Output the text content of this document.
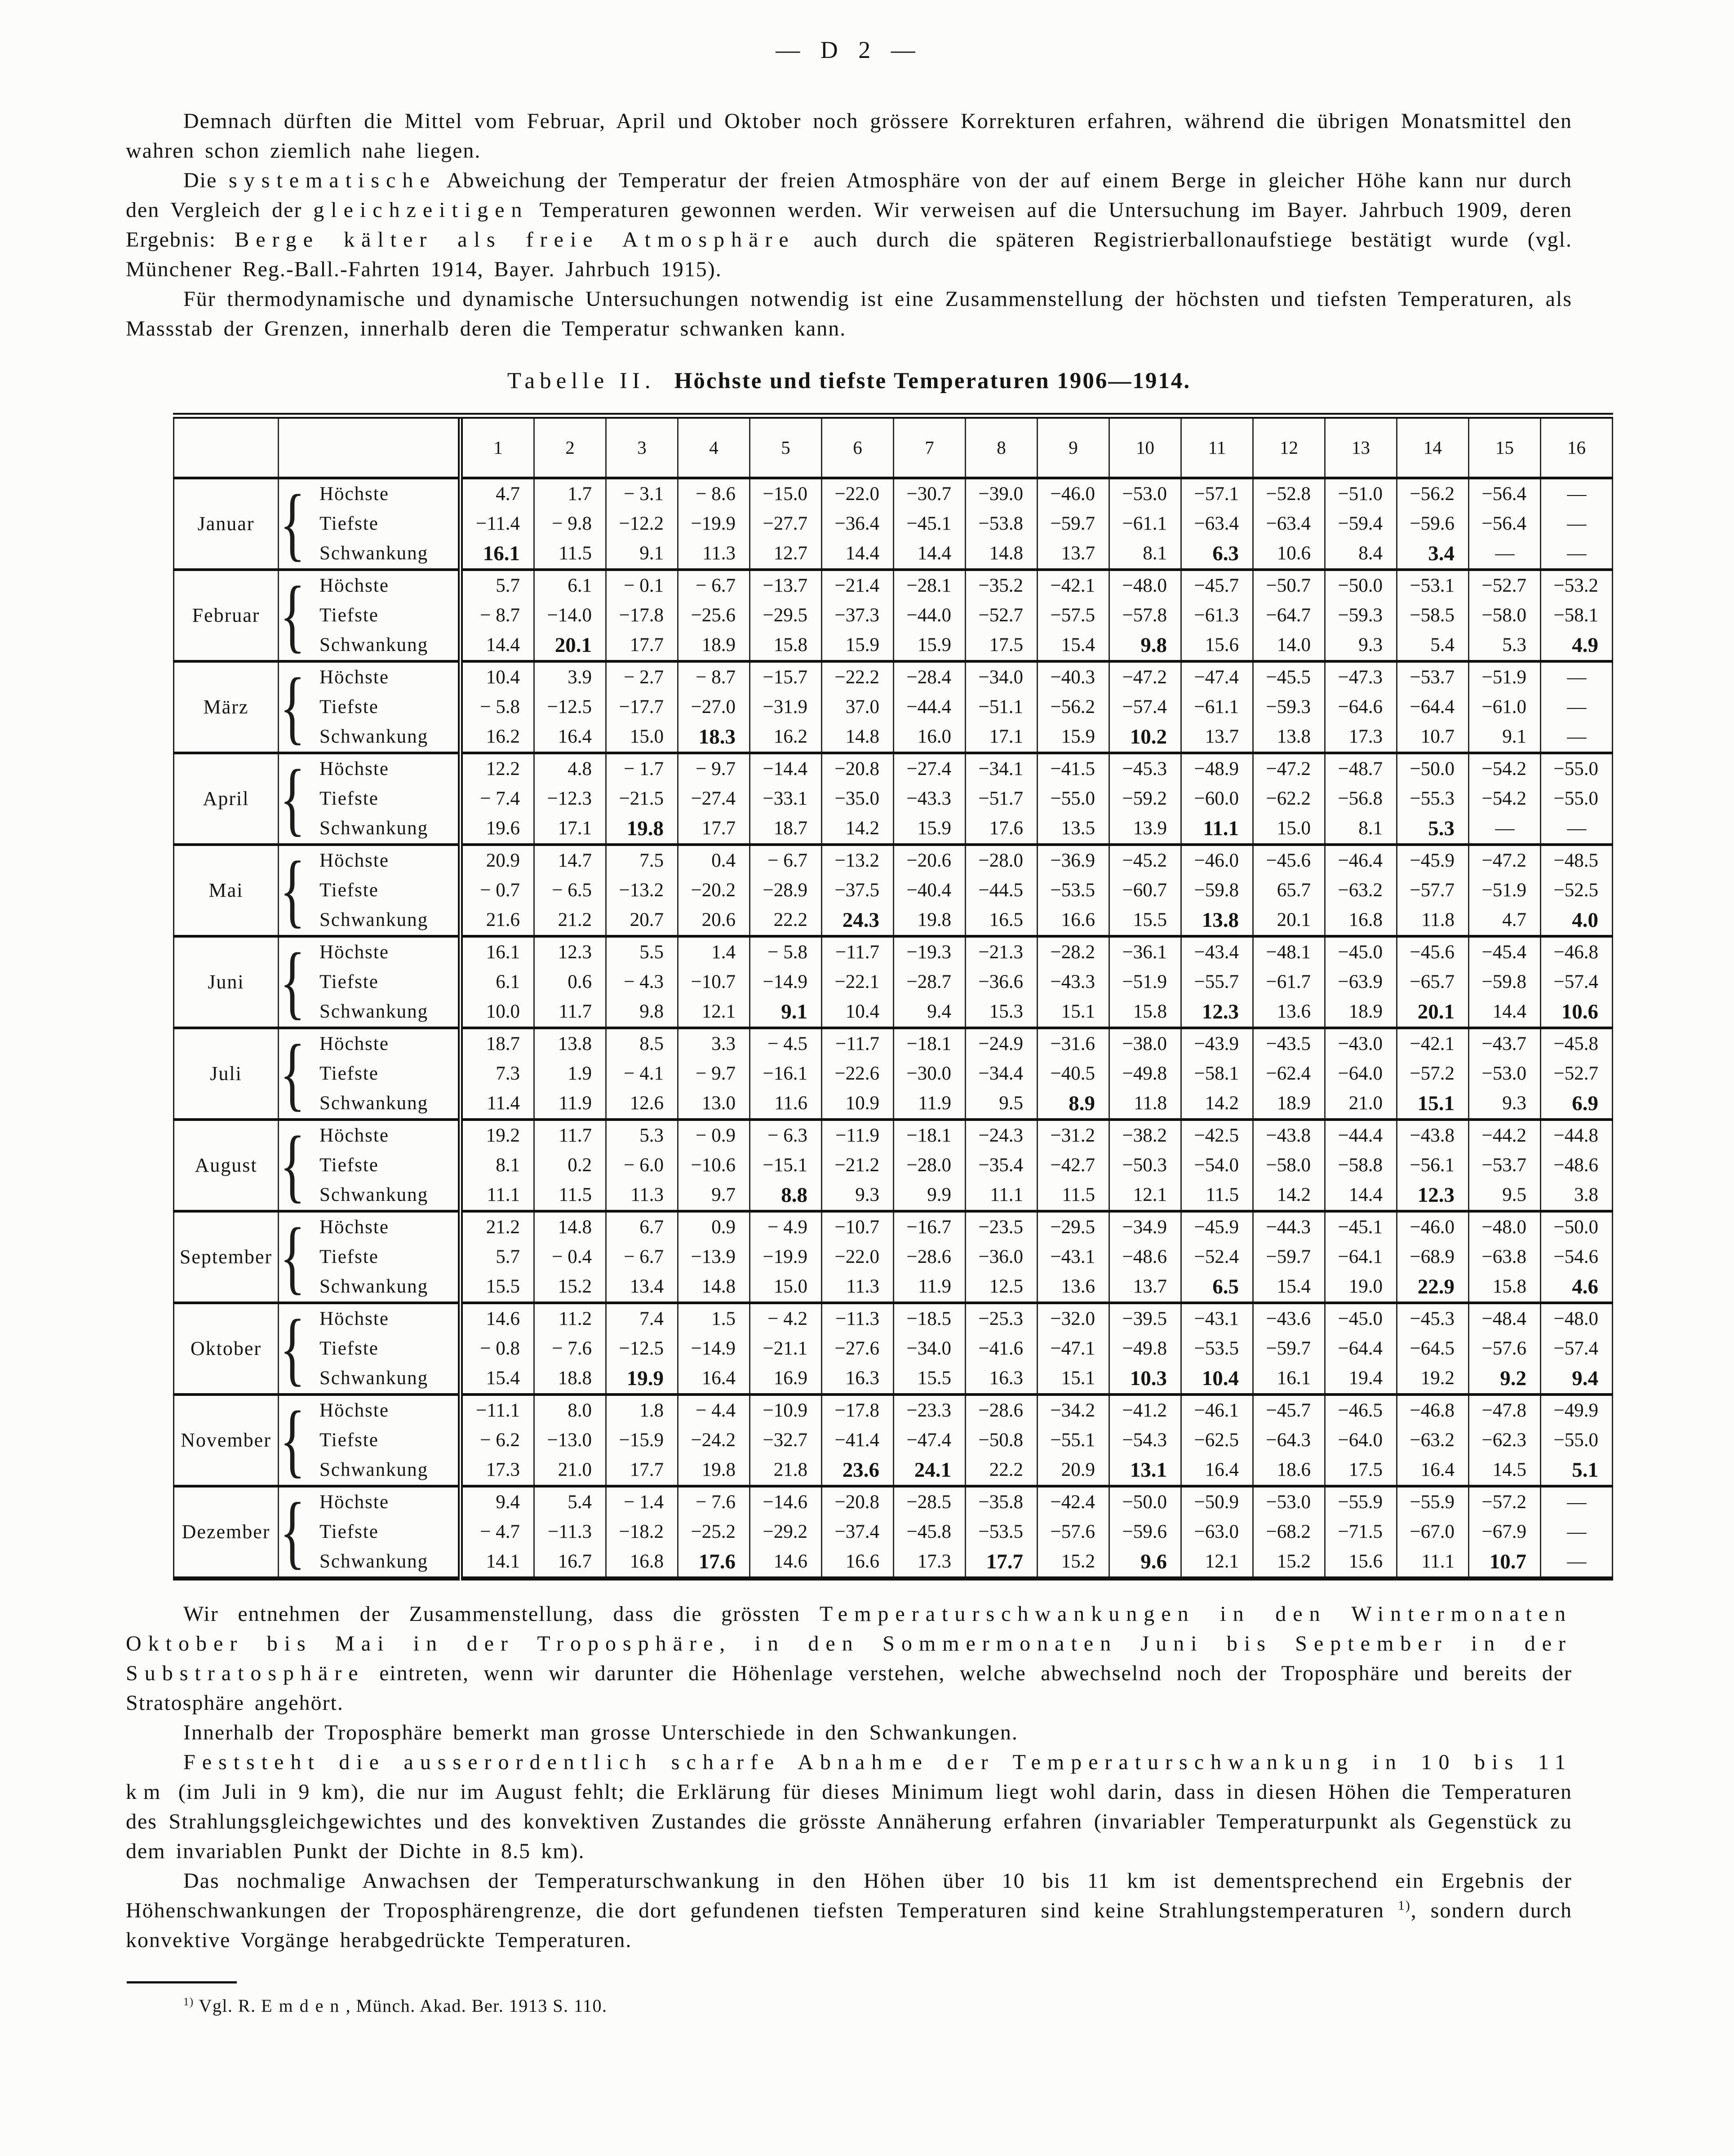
— D 2 —

Demnach dürften die Mittel vom Februar, April und Oktober noch grössere Korrekturen erfahren, während die übrigen Monatsmittel den wahren schon ziemlich nahe liegen.

Die systematische Abweichung der Temperatur der freien Atmosphäre von der auf einem Berge in gleicher Höhe kann nur durch den Vergleich der gleichzeitigen Temperaturen gewonnen werden. Wir verweisen auf die Untersuchung im Bayer. Jahrbuch 1909, deren Ergebnis: Berge kälter als freie Atmosphäre auch durch die späteren Registrierballonaufstiege bestätigt wurde (vgl. Münchener Reg.-Ball.-Fahrten 1914, Bayer. Jahrbuch 1915).

Für thermodynamische und dynamische Untersuchungen notwendig ist eine Zusammenstellung der höchsten und tiefsten Temperaturen, als Massstab der Grenzen, innerhalb deren die Temperatur schwanken kann.

Tabelle II. Höchste und tiefste Temperaturen 1906—1914.
			1	2	3	4	5	6	7	8	9	10	11	12	13	14	15	16
Januar	{	Höchste	4.7	1.7	− 3.1	− 8.6	−15.0	−22.0	−30.7	−39.0	−46.0	−53.0	−57.1	−52.8	−51.0	−56.2	−56.4	—
		Tiefste	−11.4	− 9.8	−12.2	−19.9	−27.7	−36.4	−45.1	−53.8	−59.7	−61.1	−63.4	−63.4	−59.4	−59.6	−56.4	—
		Schwankung	16.1	11.5	9.1	11.3	12.7	14.4	14.4	14.8	13.7	8.1	6.3	10.6	8.4	3.4	—	—
Februar	{	Höchste	5.7	6.1	− 0.1	− 6.7	−13.7	−21.4	−28.1	−35.2	−42.1	−48.0	−45.7	−50.7	−50.0	−53.1	−52.7	−53.2
		Tiefste	− 8.7	−14.0	−17.8	−25.6	−29.5	−37.3	−44.0	−52.7	−57.5	−57.8	−61.3	−64.7	−59.3	−58.5	−58.0	−58.1
		Schwankung	14.4	20.1	17.7	18.9	15.8	15.9	15.9	17.5	15.4	9.8	15.6	14.0	9.3	5.4	5.3	4.9
März	{	Höchste	10.4	3.9	− 2.7	− 8.7	−15.7	−22.2	−28.4	−34.0	−40.3	−47.2	−47.4	−45.5	−47.3	−53.7	−51.9	—
		Tiefste	− 5.8	−12.5	−17.7	−27.0	−31.9	37.0	−44.4	−51.1	−56.2	−57.4	−61.1	−59.3	−64.6	−64.4	−61.0	—
		Schwankung	16.2	16.4	15.0	18.3	16.2	14.8	16.0	17.1	15.9	10.2	13.7	13.8	17.3	10.7	9.1	—
April	{	Höchste	12.2	4.8	− 1.7	− 9.7	−14.4	−20.8	−27.4	−34.1	−41.5	−45.3	−48.9	−47.2	−48.7	−50.0	−54.2	−55.0
		Tiefste	− 7.4	−12.3	−21.5	−27.4	−33.1	−35.0	−43.3	−51.7	−55.0	−59.2	−60.0	−62.2	−56.8	−55.3	−54.2	−55.0
		Schwankung	19.6	17.1	19.8	17.7	18.7	14.2	15.9	17.6	13.5	13.9	11.1	15.0	8.1	5.3	—	—
Mai	{	Höchste	20.9	14.7	7.5	0.4	− 6.7	−13.2	−20.6	−28.0	−36.9	−45.2	−46.0	−45.6	−46.4	−45.9	−47.2	−48.5
		Tiefste	− 0.7	− 6.5	−13.2	−20.2	−28.9	−37.5	−40.4	−44.5	−53.5	−60.7	−59.8	65.7	−63.2	−57.7	−51.9	−52.5
		Schwankung	21.6	21.2	20.7	20.6	22.2	24.3	19.8	16.5	16.6	15.5	13.8	20.1	16.8	11.8	4.7	4.0
Juni	{	Höchste	16.1	12.3	5.5	1.4	− 5.8	−11.7	−19.3	−21.3	−28.2	−36.1	−43.4	−48.1	−45.0	−45.6	−45.4	−46.8
		Tiefste	6.1	0.6	− 4.3	−10.7	−14.9	−22.1	−28.7	−36.6	−43.3	−51.9	−55.7	−61.7	−63.9	−65.7	−59.8	−57.4
		Schwankung	10.0	11.7	9.8	12.1	9.1	10.4	9.4	15.3	15.1	15.8	12.3	13.6	18.9	20.1	14.4	10.6
Juli	{	Höchste	18.7	13.8	8.5	3.3	− 4.5	−11.7	−18.1	−24.9	−31.6	−38.0	−43.9	−43.5	−43.0	−42.1	−43.7	−45.8
		Tiefste	7.3	1.9	− 4.1	− 9.7	−16.1	−22.6	−30.0	−34.4	−40.5	−49.8	−58.1	−62.4	−64.0	−57.2	−53.0	−52.7
		Schwankung	11.4	11.9	12.6	13.0	11.6	10.9	11.9	9.5	8.9	11.8	14.2	18.9	21.0	15.1	9.3	6.9
August	{	Höchste	19.2	11.7	5.3	− 0.9	− 6.3	−11.9	−18.1	−24.3	−31.2	−38.2	−42.5	−43.8	−44.4	−43.8	−44.2	−44.8
		Tiefste	8.1	0.2	− 6.0	−10.6	−15.1	−21.2	−28.0	−35.4	−42.7	−50.3	−54.0	−58.0	−58.8	−56.1	−53.7	−48.6
		Schwankung	11.1	11.5	11.3	9.7	8.8	9.3	9.9	11.1	11.5	12.1	11.5	14.2	14.4	12.3	9.5	3.8
September	{	Höchste	21.2	14.8	6.7	0.9	− 4.9	−10.7	−16.7	−23.5	−29.5	−34.9	−45.9	−44.3	−45.1	−46.0	−48.0	−50.0
		Tiefste	5.7	− 0.4	− 6.7	−13.9	−19.9	−22.0	−28.6	−36.0	−43.1	−48.6	−52.4	−59.7	−64.1	−68.9	−63.8	−54.6
		Schwankung	15.5	15.2	13.4	14.8	15.0	11.3	11.9	12.5	13.6	13.7	6.5	15.4	19.0	22.9	15.8	4.6
Oktober	{	Höchste	14.6	11.2	7.4	1.5	− 4.2	−11.3	−18.5	−25.3	−32.0	−39.5	−43.1	−43.6	−45.0	−45.3	−48.4	−48.0
		Tiefste	− 0.8	− 7.6	−12.5	−14.9	−21.1	−27.6	−34.0	−41.6	−47.1	−49.8	−53.5	−59.7	−64.4	−64.5	−57.6	−57.4
		Schwankung	15.4	18.8	19.9	16.4	16.9	16.3	15.5	16.3	15.1	10.3	10.4	16.1	19.4	19.2	9.2	9.4
November	{	Höchste	−11.1	8.0	1.8	− 4.4	−10.9	−17.8	−23.3	−28.6	−34.2	−41.2	−46.1	−45.7	−46.5	−46.8	−47.8	−49.9
		Tiefste	− 6.2	−13.0	−15.9	−24.2	−32.7	−41.4	−47.4	−50.8	−55.1	−54.3	−62.5	−64.3	−64.0	−63.2	−62.3	−55.0
		Schwankung	17.3	21.0	17.7	19.8	21.8	23.6	24.1	22.2	20.9	13.1	16.4	18.6	17.5	16.4	14.5	5.1
Dezember	{	Höchste	9.4	5.4	− 1.4	− 7.6	−14.6	−20.8	−28.5	−35.8	−42.4	−50.0	−50.9	−53.0	−55.9	−55.9	−57.2	—
		Tiefste	− 4.7	−11.3	−18.2	−25.2	−29.2	−37.4	−45.8	−53.5	−57.6	−59.6	−63.0	−68.2	−71.5	−67.0	−67.9	—
		Schwankung	14.1	16.7	16.8	17.6	14.6	16.6	17.3	17.7	15.2	9.6	12.1	15.2	15.6	11.1	10.7	—

Wir entnehmen der Zusammenstellung, dass die grössten Temperaturschwankungen in den Wintermonaten Oktober bis Mai in der Troposphäre, in den Sommermonaten Juni bis September in der Substratosphäre eintreten, wenn wir darunter die Höhenlage verstehen, welche abwechselnd noch der Troposphäre und bereits der Stratosphäre angehört.

Innerhalb der Troposphäre bemerkt man grosse Unterschiede in den Schwankungen.

Feststeht die ausserordentlich scharfe Abnahme der Temperaturschwankung in 10 bis 11 km (im Juli in 9 km), die nur im August fehlt; die Erklärung für dieses Minimum liegt wohl darin, dass in diesen Höhen die Temperaturen des Strahlungsgleichgewichtes und des konvektiven Zustandes die grösste Annäherung erfahren (invariabler Temperaturpunkt als Gegenstück zu dem invariablen Punkt der Dichte in 8.5 km).

Das nochmalige Anwachsen der Temperaturschwankung in den Höhen über 10 bis 11 km ist dementsprechend ein Ergebnis der Höhenschwankungen der Troposphärengrenze, die dort gefundenen tiefsten Temperaturen sind keine Strahlungstemperaturen $^{1)}$, sondern durch konvektive Vorgänge herabgedrückte Temperaturen.

$^{1)}$ Vgl. R. Emden, Münch. Akad. Ber. 1913 S. 110.
